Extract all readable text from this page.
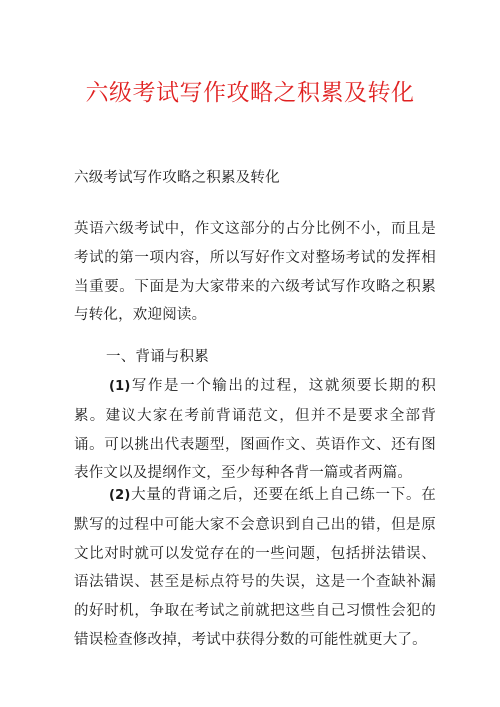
六级考试写作攻略之积累及转化
六级考试写作攻略之积累及转化
英语六级考试中，作文这部分的占分比例不小，而且是考试的第一项内容，所以写好作文对整场考试的发挥相当重要。下面是为大家带来的六级考试写作攻略之积累与转化，欢迎阅读。
一、背诵与积累
(1)写作是一个输出的过程，这就须要长期的积累。建议大家在考前背诵范文，但并不是要求全部背诵。可以挑出代表题型，图画作文、英语作文、还有图表作文以及提纲作文，至少每种各背一篇或者两篇。
(2)大量的背诵之后，还要在纸上自己练一下。在默写的过程中可能大家不会意识到自己出的错，但是原文比对时就可以发觉存在的一些问题，包括拼法错误、语法错误、甚至是标点符号的失误，这是一个查缺补漏的好时机，争取在考试之前就把这些自己习惯性会犯的错误检查修改掉，考试中获得分数的可能性就更大了。
